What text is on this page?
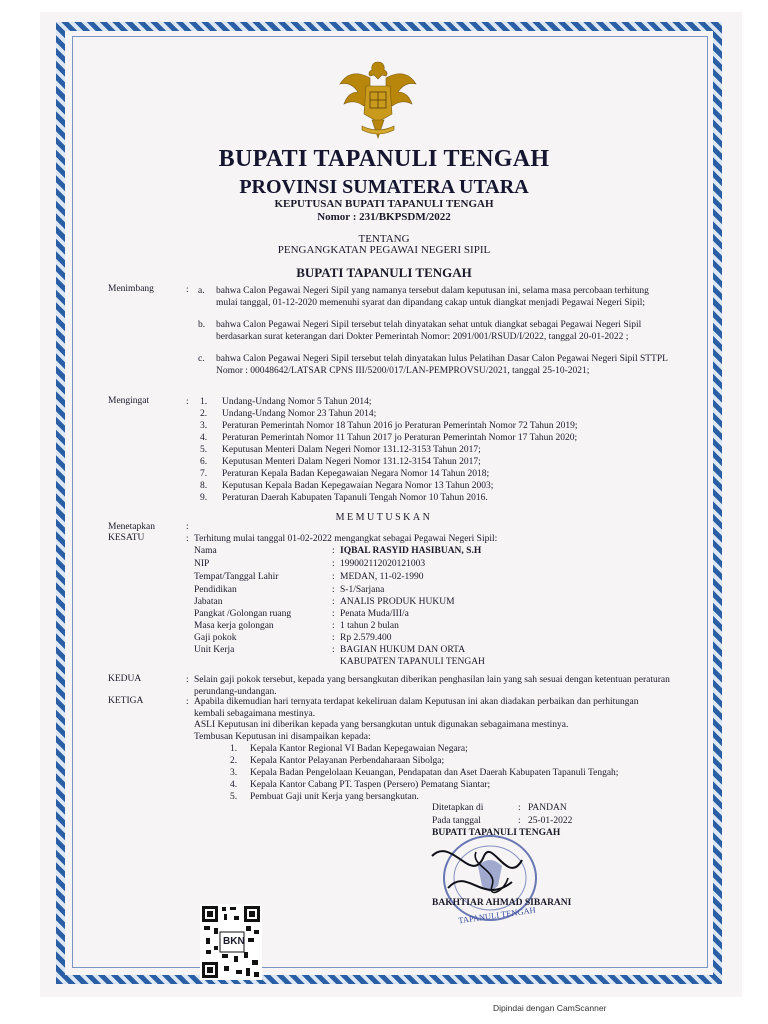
BUPATI TAPANULI TENGAH
PROVINSI SUMATERA UTARA
KEPUTUSAN BUPATI TAPANULI TENGAH
Nomor : 231/BKPSDM/2022
TENTANG
PENGANGKATAN PEGAWAI NEGERI SIPIL
BUPATI TAPANULI TENGAH
Menimbang	: a. bahwa Calon Pegawai Negeri Sipil yang namanya tersebut dalam keputusan ini, selama masa percobaan terhitung mulai tanggal, 01-12-2020 memenuhi syarat dan dipandang cakap untuk diangkat menjadi Pegawai Negeri Sipil;
b. bahwa Calon Pegawai Negeri Sipil tersebut telah dinyatakan sehat untuk diangkat sebagai Pegawai Negeri Sipil berdasarkan surat keterangan dari Dokter Pemerintah Nomor: 2091/001/RSUD/I/2022, tanggal 20-01-2022 ;
c. bahwa Calon Pegawai Negeri Sipil tersebut telah dinyatakan lulus Pelatihan Dasar Calon Pegawai Negeri Sipil STTPL Nomor : 00048642/LATSAR CPNS III/5200/017/LAN-PEMPROVSU/2021, tanggal 25-10-2021;
Mengingat	: 1. Undang-Undang Nomor 5 Tahun 2014;
2. Undang-Undang Nomor 23 Tahun 2014;
3. Peraturan Pemerintah Nomor 18 Tahun 2016 jo Peraturan Pemerintah Nomor 72 Tahun 2019;
4. Peraturan Pemerintah Nomor 11 Tahun 2017 jo Peraturan Pemerintah Nomor 17 Tahun 2020;
5. Keputusan Menteri Dalam Negeri Nomor 131.12-3153 Tahun 2017;
6. Keputusan Menteri Dalam Negeri Nomor 131.12-3154 Tahun 2017;
7. Peraturan Kepala Badan Kepegawaian Negara Nomor 14 Tahun 2018;
8. Keputusan Kepala Badan Kepegawaian Negara Nomor 13 Tahun 2003;
9. Peraturan Daerah Kabupaten Tapanuli Tengah Nomor 10 Tahun 2016.
MEMUTUSKAN
Menetapkan	:
KESATU	: Terhitung mulai tanggal 01-02-2022 mengangkat sebagai Pegawai Negeri Sipil:
Nama	: IQBAL RASYID HASIBUAN, S.H
NIP	: 199002112020121003
Tempat/Tanggal Lahir	: MEDAN, 11-02-1990
Pendidikan	: S-1/Sarjana
Jabatan	: ANALIS PRODUK HUKUM
Pangkat /Golongan ruang	: Penata Muda/III/a
Masa kerja golongan	: 1 tahun 2 bulan
Gaji pokok	: Rp 2.579.400
Unit Kerja	: BAGIAN HUKUM DAN ORTA
KABUPATEN TAPANULI TENGAH
KEDUA	: Selain gaji pokok tersebut, kepada yang bersangkutan diberikan penghasilan lain yang sah sesuai dengan ketentuan peraturan perundang-undangan.
KETIGA	: Apabila dikemudian hari ternyata terdapat kekeliruan dalam Keputusan ini akan diadakan perbaikan dan perhitungan kembali sebagaimana mestinya.
ASLI Keputusan ini diberikan kepada yang bersangkutan untuk digunakan sebagaimana mestinya.
Tembusan Keputusan ini disampaikan kepada:
1. Kepala Kantor Regional VI Badan Kepegawaian Negara;
2. Kepala Kantor Pelayanan Perbendaharaan Sibolga;
3. Kepala Badan Pengelolaan Keuangan, Pendapatan dan Aset Daerah Kabupaten Tapanuli Tengah;
4. Kepala Kantor Cabang PT. Taspen (Persero) Pematang Siantar;
5. Pembuat Gaji unit Kerja yang bersangkutan.
Ditetapkan di	: PANDAN
Pada tanggal	: 25-01-2022
BUPATI TAPANULI TENGAH
BAKHTIAR AHMAD SIBARANI
TAPANULI TENGAH
BKN
Dipindai dengan CamScanner
